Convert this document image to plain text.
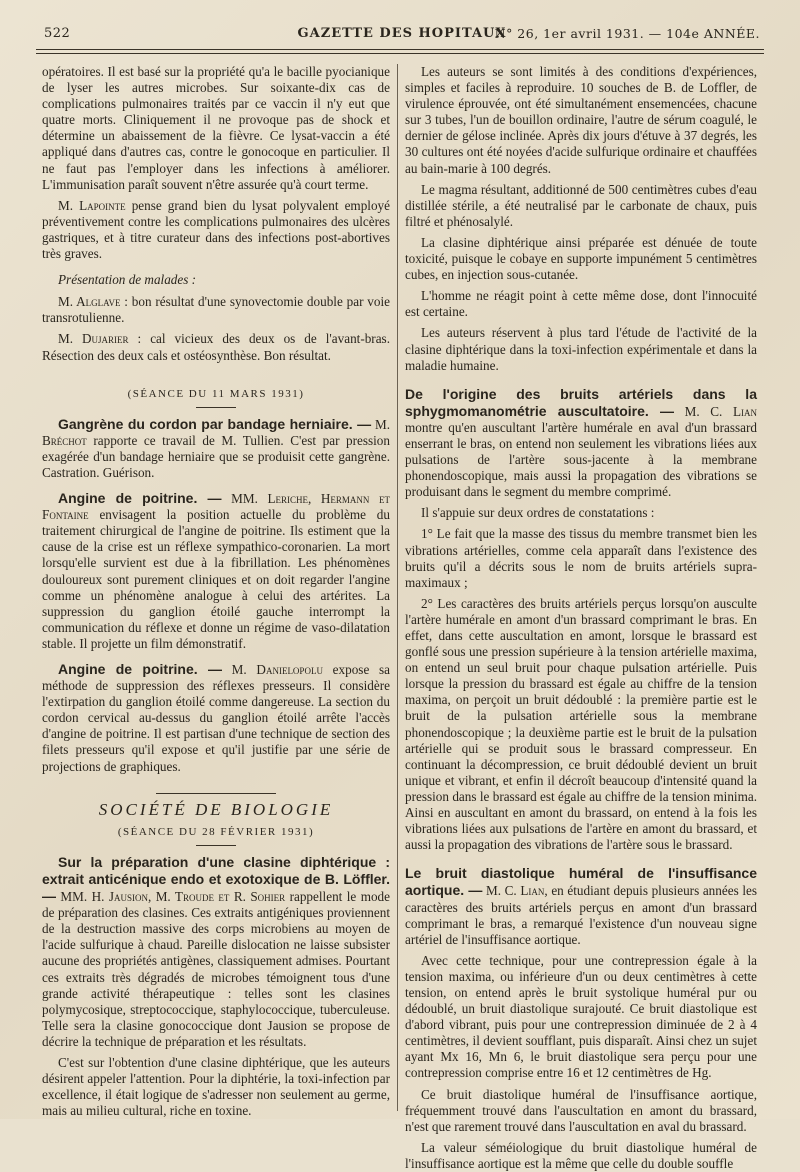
522	GAZETTE DES HOPITAUX
N° 26, 1er avril 1931. — 104e ANNÉE.

opératoires. Il est basé sur la propriété qu'a le bacille pyocianique de lyser les autres microbes. Sur soixante-dix cas de complications pulmonaires traités par ce vaccin il n'y eut que quatre morts. Cliniquement il ne provoque pas de shock et détermine un abaissement de la fièvre. Ce lysat-vaccin a été appliqué dans d'autres cas, contre le gonocoque en particulier. Il ne faut pas l'employer dans les infections à améliorer. L'immunisation paraît souvent n'être assurée qu'à court terme.

M. Lapointe pense grand bien du lysat polyvalent employé préventivement contre les complications pulmonaires des ulcères gastriques, et à titre curateur dans des infections post-abortives très graves.

Présentation de malades :

M. Alglave : bon résultat d'une synovectomie double par voie transrotulienne.

M. Dujarier : cal vicieux des deux os de l'avant-bras. Résection des deux cals et ostéosynthèse. Bon résultat.

(SÉANCE DU 11 MARS 1931)

Gangrène du cordon par bandage herniaire. — M. Bréchot rapporte ce travail de M. Tullien. C'est par pression exagérée d'un bandage herniaire que se produisit cette gangrène. Castration. Guérison.

Angine de poitrine. — MM. Leriche, Hermann et Fontaine envisagent la position actuelle du problème du traitement chirurgical de l'angine de poitrine. Ils estiment que la cause de la crise est un réflexe sympathico-coronarien. La mort lorsqu'elle survient est due à la fibrillation. Les phénomènes douloureux sont purement cliniques et on doit regarder l'angine comme un phénomène analogue à celui des artérites. La suppression du ganglion étoilé gauche interrompt la communication du réflexe et donne un régime de vaso-dilatation stable. Il projette un film démonstratif.

Angine de poitrine. — M. Danielopolu expose sa méthode de suppression des réflexes presseurs. Il considère l'extirpation du ganglion étoilé comme dangereuse. La section du cordon cervical au-dessus du ganglion étoilé arrête l'accès d'angine de poitrine. Il est partisan d'une technique de section des filets presseurs qu'il expose et qu'il justifie par une série de projections de graphiques.

SOCIÉTÉ DE BIOLOGIE
(SÉANCE DU 28 FÉVRIER 1931)

Sur la préparation d'une clasine diphtérique : extrait anticénique endo et exotoxique de B. Löffler. — MM. H. Jausion, M. Troude et R. Sohier rappellent le mode de préparation des clasines. Ces extraits antigéniques proviennent de la destruction massive des corps microbiens au moyen de l'acide sulfurique à chaud. Pareille dislocation ne laisse subsister aucune des propriétés antigènes, classiquement admises. Pourtant ces extraits très dégradés de microbes témoignent tous d'une grande activité thérapeutique : telles sont les clasines polymycosique, streptococcique, staphylococcique, tuberculeuse. Telle sera la clasine gonococcique dont Jausion se propose de décrire la technique de préparation et les résultats.

C'est sur l'obtention d'une clasine diphtérique, que les auteurs désirent appeler l'attention. Pour la diphtérie, la toxi-infection par excellence, il était logique de s'adresser non seulement au germe, mais au milieu cultural, riche en toxine.

Les auteurs se sont limités à des conditions d'expériences, simples et faciles à reproduire. 10 souches de B. de Loffler, de virulence éprouvée, ont été simultanément ensemencées, chacune sur 3 tubes, l'un de bouillon ordinaire, l'autre de sérum coagulé, le dernier de gélose inclinée. Après dix jours d'étuve à 37 degrés, les 30 cultures ont été noyées d'acide sulfurique ordinaire et chauffées au bain-marie à 100 degrés.

Le magma résultant, additionné de 500 centimètres cubes d'eau distillée stérile, a été neutralisé par le carbonate de chaux, puis filtré et phénosalylé.

La clasine diphtérique ainsi préparée est dénuée de toute toxicité, puisque le cobaye en supporte impunément 5 centimètres cubes, en injection sous-cutanée.

L'homme ne réagit point à cette même dose, dont l'innocuité est certaine.

Les auteurs réservent à plus tard l'étude de l'activité de la clasine diphtérique dans la toxi-infection expérimentale et dans la maladie humaine.

De l'origine des bruits artériels dans la sphygmomanométrie auscultatoire. — M. C. Lian montre qu'en auscultant l'artère humérale en aval d'un brassard enserrant le bras, on entend non seulement les vibrations liées aux pulsations de l'artère sous-jacente à la membrane phonendoscopique, mais aussi la propagation des vibrations se produisant dans le segment du membre comprimé.

Il s'appuie sur deux ordres de constatations :

1° Le fait que la masse des tissus du membre transmet bien les vibrations artérielles, comme cela apparaît dans l'existence des bruits qu'il a décrits sous le nom de bruits artériels supra-maximaux ;

2° Les caractères des bruits artériels perçus lorsqu'on ausculte l'artère humérale en amont d'un brassard comprimant le bras. En effet, dans cette auscultation en amont, lorsque le brassard est gonflé sous une pression supérieure à la tension artérielle maxima, on entend un seul bruit pour chaque pulsation artérielle. Puis lorsque la pression du brassard est égale au chiffre de la tension maxima, on perçoit un bruit dédoublé : la première partie est le bruit de la pulsation artérielle sous la membrane phonendoscopique ; la deuxième partie est le bruit de la pulsation artérielle qui se produit sous le brassard compresseur. En continuant la décompression, ce bruit dédoublé devient un bruit unique et vibrant, et enfin il décroît beaucoup d'intensité quand la pression dans le brassard est égale au chiffre de la tension minima. Ainsi en auscultant en amont du brassard, on entend à la fois les vibrations liées aux pulsations de l'artère en amont du brassard, et aussi la propagation des vibrations de l'artère sous le brassard.

Le bruit diastolique huméral de l'insuffisance aortique. — M. C. Lian, en étudiant depuis plusieurs années les caractères des bruits artériels perçus en amont d'un brassard comprimant le bras, a remarqué l'existence d'un nouveau signe artériel de l'insuffisance aortique.

Avec cette technique, pour une contrepression égale à la tension maxima, ou inférieure d'un ou deux centimètres à cette tension, on entend après le bruit systolique huméral pur ou dédoublé, un bruit diastolique surajouté. Ce bruit diastolique est d'abord vibrant, puis pour une contrepression diminuée de 2 à 4 centimètres, il devient soufflant, puis disparaît. Ainsi chez un sujet ayant Mx 16, Mn 6, le bruit diastolique sera perçu pour une contrepression comprise entre 16 et 12 centimètres de Hg.

Ce bruit diastolique huméral de l'insuffisance aortique, fréquemment trouvé dans l'auscultation en amont du brassard, n'est que rarement trouvé dans l'auscultation en aval du brassard.

La valeur séméiologique du bruit diastolique huméral de l'insuffisance aortique est la même que celle du double souffle
